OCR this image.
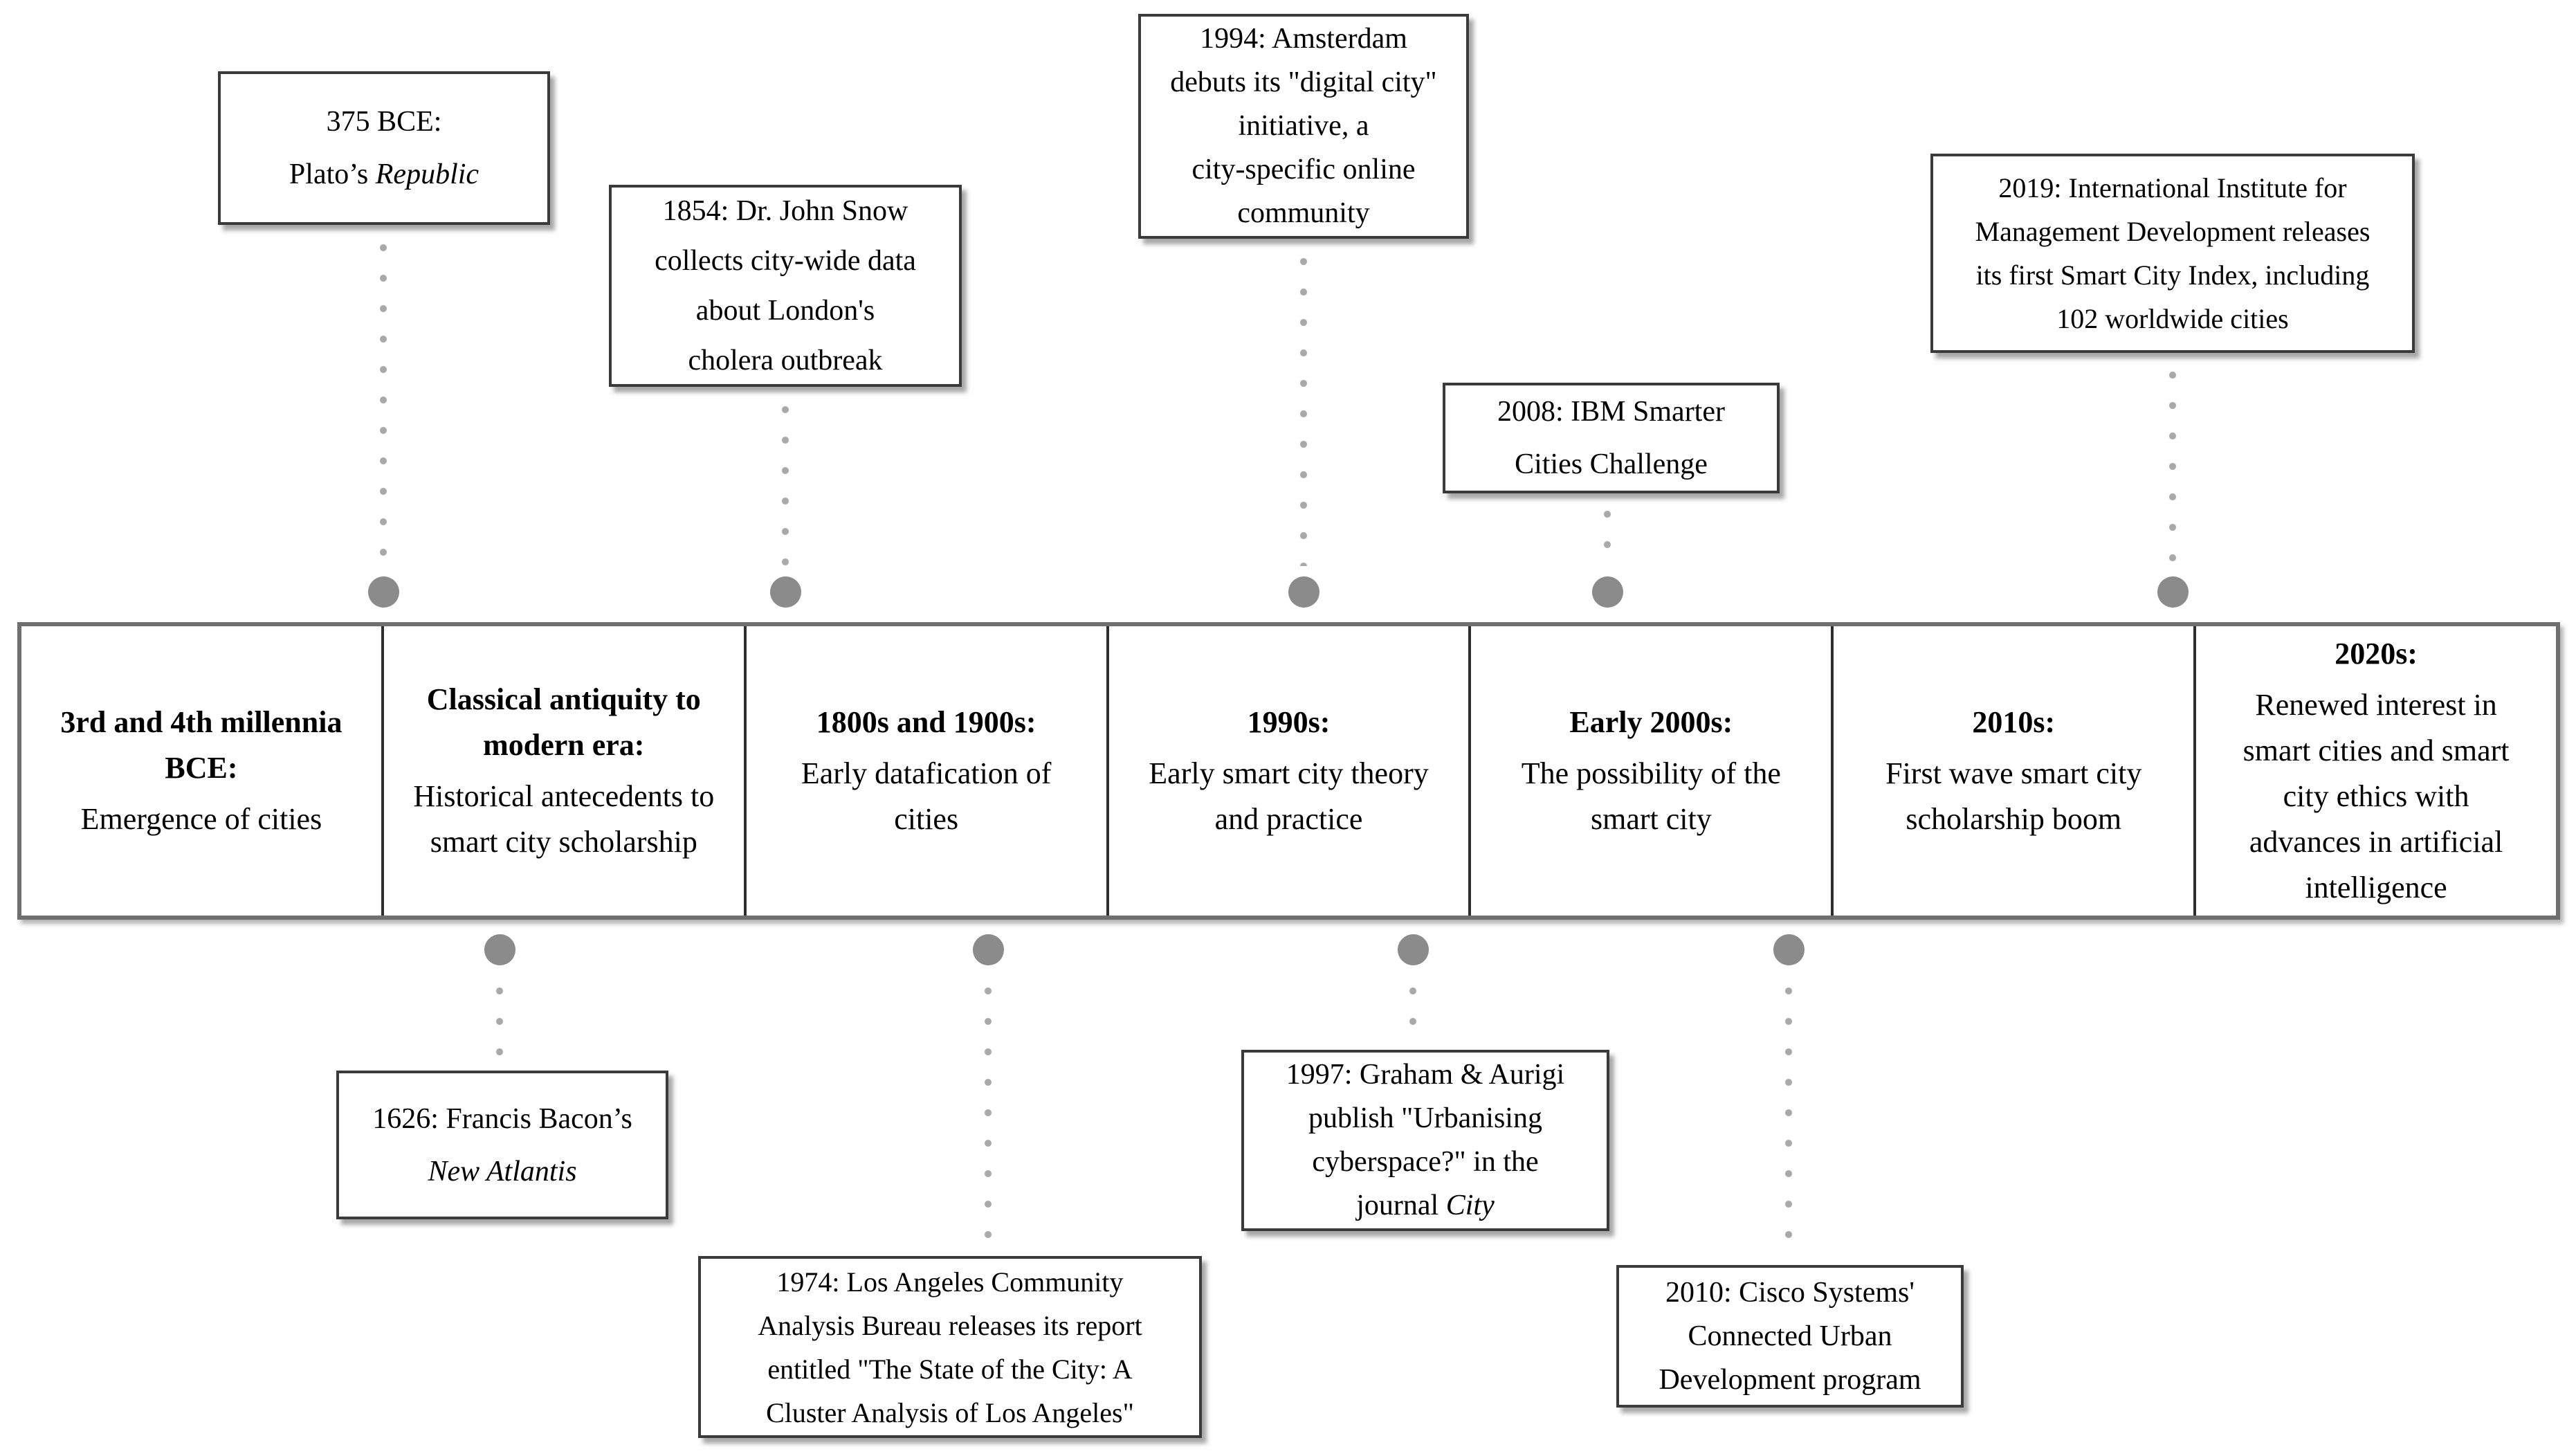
375 BCE:
Plato’s Republic
1854: Dr. John Snow
collects city-wide data
about London's
cholera outbreak
1994: Amsterdam
debuts its "digital city"
initiative, a
city-specific online
community
2008: IBM Smarter
Cities Challenge
2019: International Institute for
Management Development releases
its first Smart City Index, including
102 worldwide cities
1626: Francis Bacon’s
New Atlantis
1974: Los Angeles Community
Analysis Bureau releases its report
entitled "The State of the City: A
Cluster Analysis of Los Angeles"
1997: Graham & Aurigi
publish "Urbanising
cyberspace?" in the
journal City
2010: Cisco Systems'
Connected Urban
Development program
3rd and 4th millennia
BCE:
Emergence of cities
Classical antiquity to
modern era:
Historical antecedents to
smart city scholarship
1800s and 1900s:
Early datafication of
cities
1990s:
Early smart city theory
and practice
Early 2000s:
The possibility of the
smart city
2010s:
First wave smart city
scholarship boom
2020s:
Renewed interest in
smart cities and smart
city ethics with
advances in artificial
intelligence
